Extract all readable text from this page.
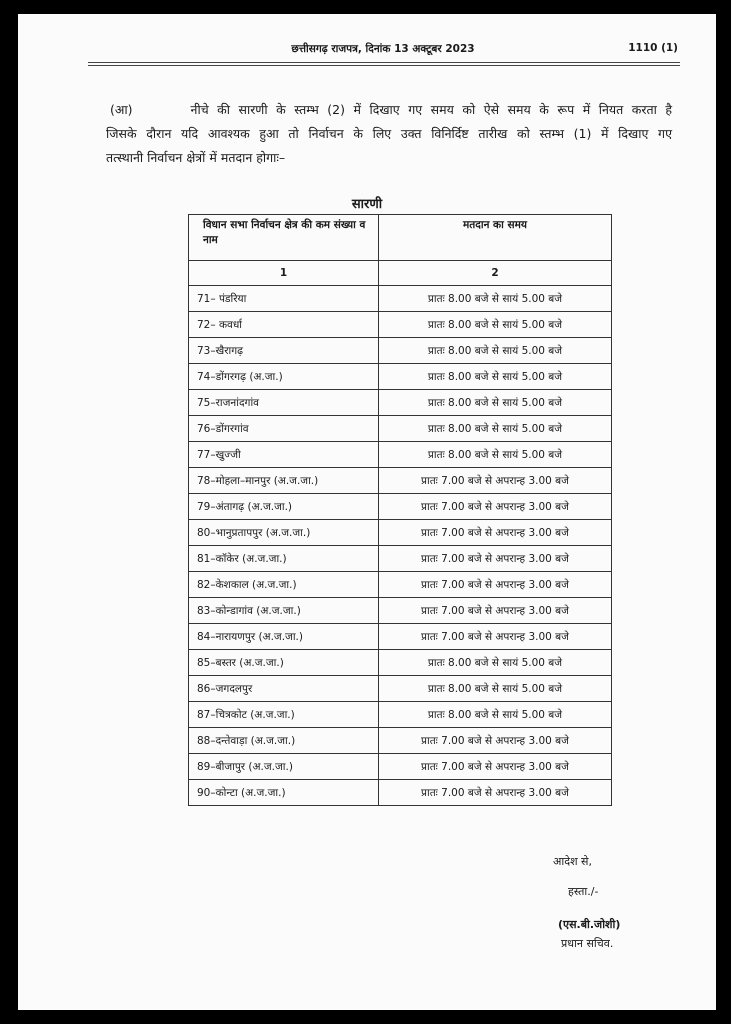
छत्तीसगढ़ राजपत्र, दिनांक 13 अक्टूबर 2023	1110 (1)
(आ)	नीचे की सारणी के स्तम्भ (2) में दिखाए गए समय को ऐसे समय के रूप में नियत करता है
जिसके दौरान यदि आवश्यक हुआ तो निर्वाचन के लिए उक्त विनिर्दिष्ट तारीख को स्तम्भ (1) में दिखाए गए
तत्स्थानी निर्वाचन क्षेत्रों में मतदान होगाः–
सारणी
विधान सभा निर्वाचन क्षेत्र की कम संख्या व नाम	मतदान का समय
1	2
71– पंडरिया	प्रातः 8.00 बजे से सायं 5.00 बजे
72– कवर्धा	प्रातः 8.00 बजे से सायं 5.00 बजे
73–खैरागढ़	प्रातः 8.00 बजे से सायं 5.00 बजे
74–डोंगरगढ़ (अ.जा.)	प्रातः 8.00 बजे से सायं 5.00 बजे
75–राजनांदगांव	प्रातः 8.00 बजे से सायं 5.00 बजे
76–डोंगरगांव	प्रातः 8.00 बजे से सायं 5.00 बजे
77–खुज्जी	प्रातः 8.00 बजे से सायं 5.00 बजे
78–मोहला–मानपुर (अ.ज.जा.)	प्रातः 7.00 बजे से अपरान्ह 3.00 बजे
79–अंतागढ़ (अ.ज.जा.)	प्रातः 7.00 बजे से अपरान्ह 3.00 बजे
80–भानुप्रतापपुर (अ.ज.जा.)	प्रातः 7.00 बजे से अपरान्ह 3.00 बजे
81–कॉकेर (अ.ज.जा.)	प्रातः 7.00 बजे से अपरान्ह 3.00 बजे
82–केशकाल (अ.ज.जा.)	प्रातः 7.00 बजे से अपरान्ह 3.00 बजे
83–कोन्डागांव (अ.ज.जा.)	प्रातः 7.00 बजे से अपरान्ह 3.00 बजे
84–नारायणपुर (अ.ज.जा.)	प्रातः 7.00 बजे से अपरान्ह 3.00 बजे
85–बस्तर (अ.ज.जा.)	प्रातः 8.00 बजे से सायं 5.00 बजे
86–जगदलपुर	प्रातः 8.00 बजे से सायं 5.00 बजे
87–चित्रकोट (अ.ज.जा.)	प्रातः 8.00 बजे से सायं 5.00 बजे
88–दन्तेवाड़ा (अ.ज.जा.)	प्रातः 7.00 बजे से अपरान्ह 3.00 बजे
89–बीजापुर (अ.ज.जा.)	प्रातः 7.00 बजे से अपरान्ह 3.00 बजे
90–कोन्टा (अ.ज.जा.)	प्रातः 7.00 बजे से अपरान्ह 3.00 बजे
आदेश से,
हस्ता./-
(एस.बी.जोशी)
प्रधान सचिव.
